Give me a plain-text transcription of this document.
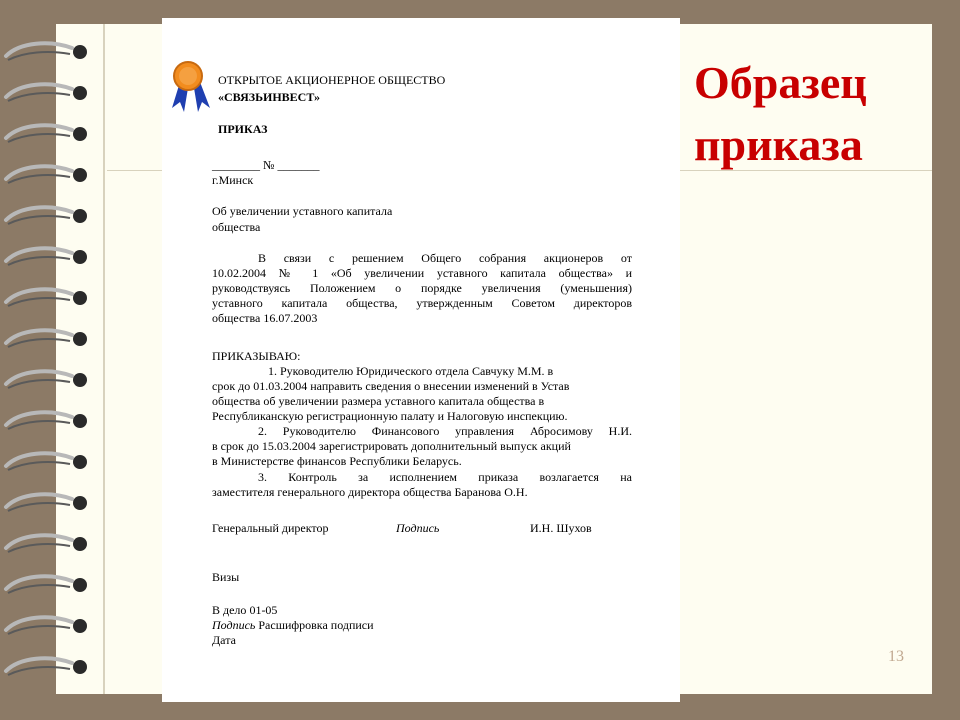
Образец
приказа
13
ОТКРЫТОЕ АКЦИОНЕРНОЕ ОБЩЕСТВО
«СВЯЗЬИНВЕСТ»
ПРИКАЗ
________ № _______
г.Минск
Об увеличении уставного капитала
общества
В связи с решением Общего собрания акционеров от
10.02.2004 № 1 «Об увеличении уставного капитала общества» и
руководствуясь Положением о порядке увеличения (уменьшения)
уставного капитала общества, утвержденным Советом директоров
общества 16.07.2003
ПРИКАЗЫВАЮ:
1. Руководителю Юридического отдела Савчуку М.М. в
срок до 01.03.2004 направить сведения о внесении изменений в Устав
общества об увеличении размера уставного капитала общества в
Республиканскую регистрационную палату и Налоговую инспекцию.
2. Руководителю Финансового управления Абросимову Н.И.
в срок до 15.03.2004 зарегистрировать дополнительный выпуск акций
в Министерстве финансов Республики Беларусь.
3. Контроль за исполнением приказа возлагается на
заместителя генерального директора общества Баранова О.Н.
Генеральный директор	Подпись	И.Н. Шухов
Визы
В дело 01-05
Подпись Расшифровка подписи
Дата
